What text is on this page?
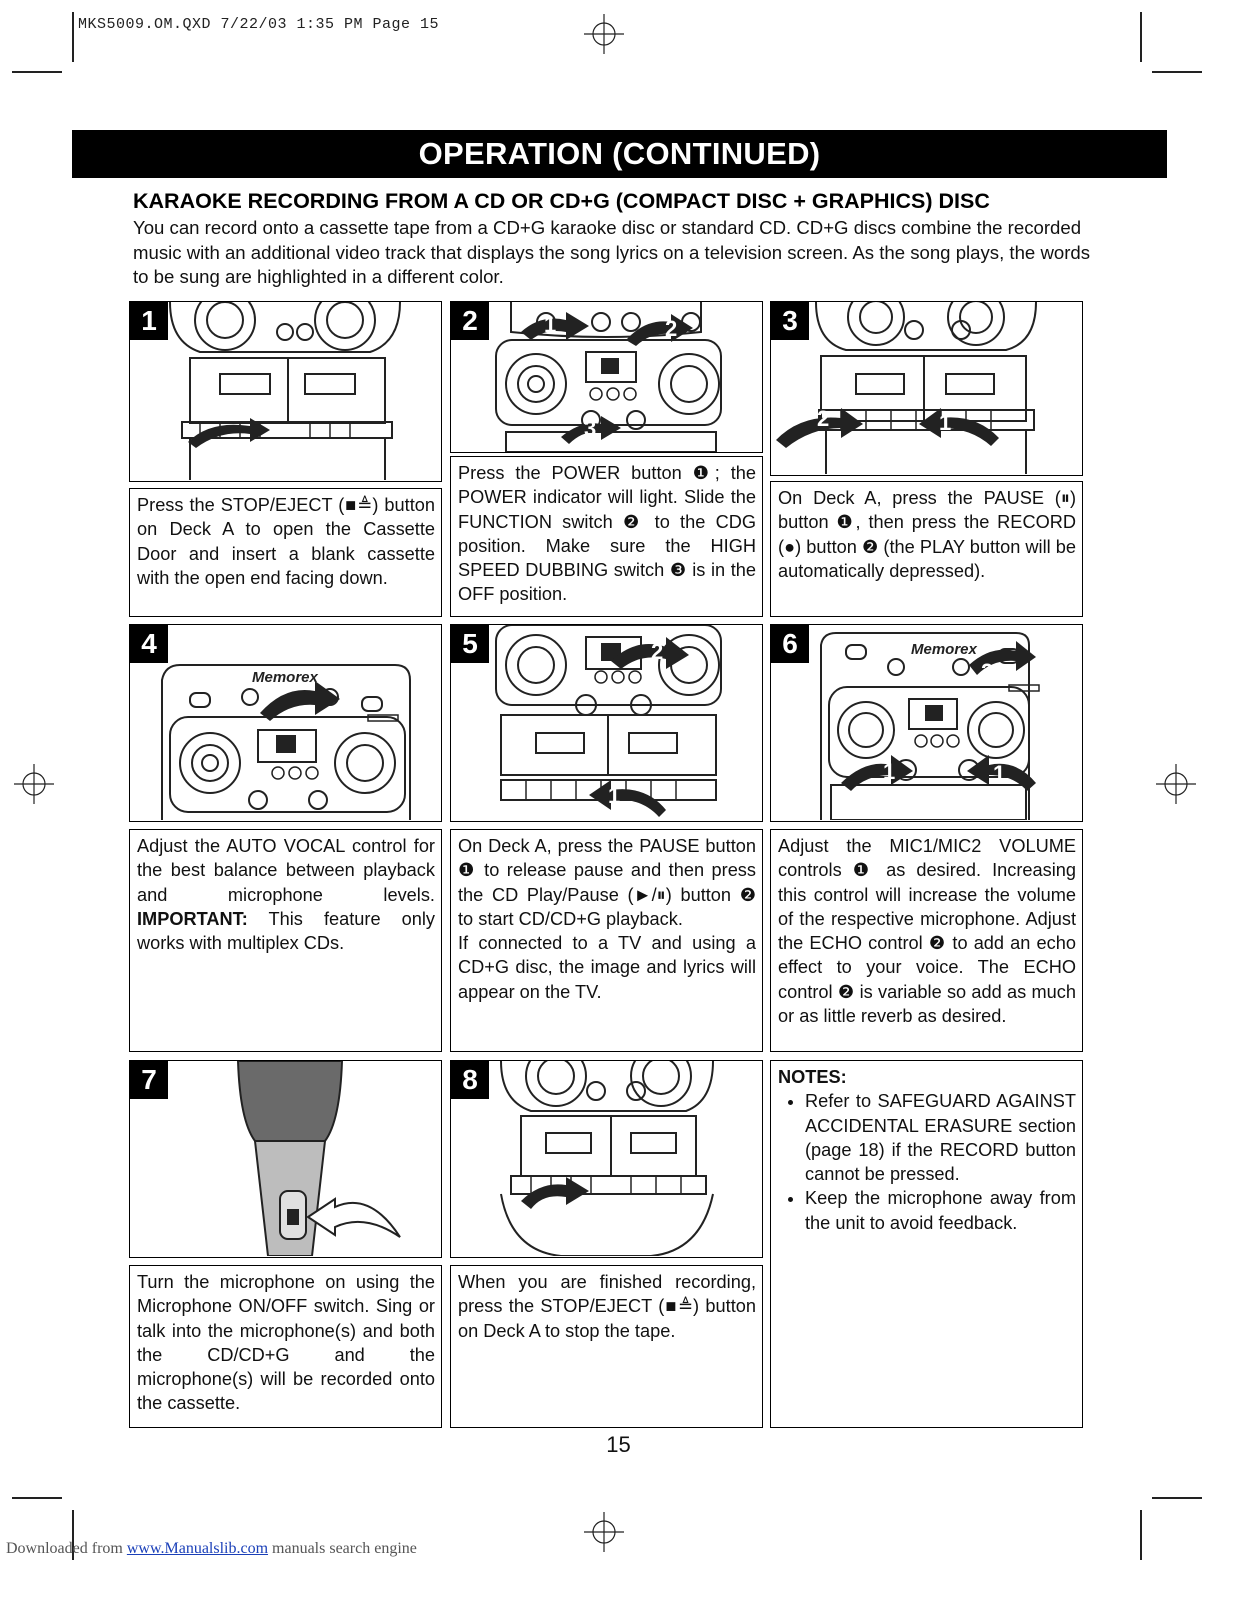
MKS5009.OM.QXD 7/22/03 1:35 PM Page 15
OPERATION (CONTINUED)
KARAOKE RECORDING FROM A CD OR CD+G (COMPACT DISC + GRAPHICS) DISC
You can record onto a cassette tape from a CD+G karaoke disc or standard CD. CD+G discs combine the recorded music with an additional video track that displays the song lyrics on a television screen. As the song plays, the words to be sung are highlighted in a different color.
1
Press the STOP/EJECT (■≜) button on Deck A to open the Cassette Door and insert a blank cassette with the open end facing down.
2	1	2
3
Press the POWER button ❶; the POWER indicator will light. Slide the FUNCTION switch ❷ to the CDG position. Make sure the HIGH SPEED DUBBING switch ❸ is in the OFF position.
3
2	1
On Deck A, press the PAUSE (⏸) button ❶, then press the RECORD (●) button ❷ (the PLAY button will be automatically depressed).
4
Memorex
Adjust the AUTO VOCAL control for the best balance between playback and microphone levels. IMPORTANT: This feature only works with multiplex CDs.
5	2
1
On Deck A, press the PAUSE button ❶ to release pause and then press the CD Play/Pause (►/⏸) button ❷ to start CD/CD+G playback.
If connected to a TV and using a CD+G disc, the image and lyrics will appear on the TV.
6	Memorex
2
1	1
Adjust the MIC1/MIC2 VOLUME controls ❶ as desired. Increasing this control will increase the volume of the respective microphone. Adjust the ECHO control ❷ to add an echo effect to your voice. The ECHO control ❷ is variable so add as much or as little reverb as desired.
7
Turn the microphone on using the Microphone ON/OFF switch. Sing or talk into the microphone(s) and both the CD/CD+G and the microphone(s) will be recorded onto the cassette.
8
When you are finished recording, press the STOP/EJECT (■≜) button on Deck A to stop the tape.
NOTES:
• Refer to SAFEGUARD AGAINST ACCIDENTAL ERASURE section (page 18) if the RECORD button cannot be pressed.
• Keep the microphone away from the unit to avoid feedback.
15
Downloaded from www.Manualslib.com manuals search engine
